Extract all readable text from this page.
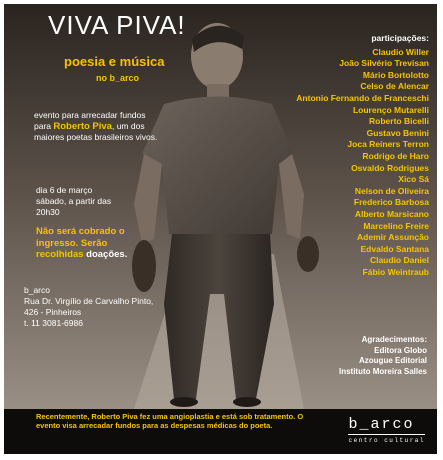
VIVA PIVA!
poesia e música
no b_arco
evento para arrecadar fundos para Roberto Piva, um dos maiores poetas brasileiros vivos.
dia 6 de março
sábado, a partir das
20h30
Não será cobrado o ingresso. Serão recolhidas doações.
b_arco
Rua Dr. Virgílio de Carvalho Pinto,
426 - Pinheiros
t. 11 3081-6986
participações:
Claudio Willer
João Silvério Trevisan
Mário Bortolotto
Celso de Alencar
Antonio Fernando de Franceschi
Lourenço Mutarelli
Roberto Bicelli
Gustavo Benini
Joca Reiners Terron
Rodrigo de Haro
Osvaldo Rodrigues
Xico Sá
Nelson de Oliveira
Frederico Barbosa
Alberto Marsicano
Marcelino Freire
Ademir Assunção
Edvaldo Santana
Claudio Daniel
Fábio Weintraub
Agradecimentos:
Editora Globo
Azougue Editorial
Instituto Moreira Salles
Recentemente, Roberto Piva fez uma angioplastia e está sob tratamento. O evento visa arrecadar fundos para as despesas médicas do poeta.	b_arco
centro cultural
